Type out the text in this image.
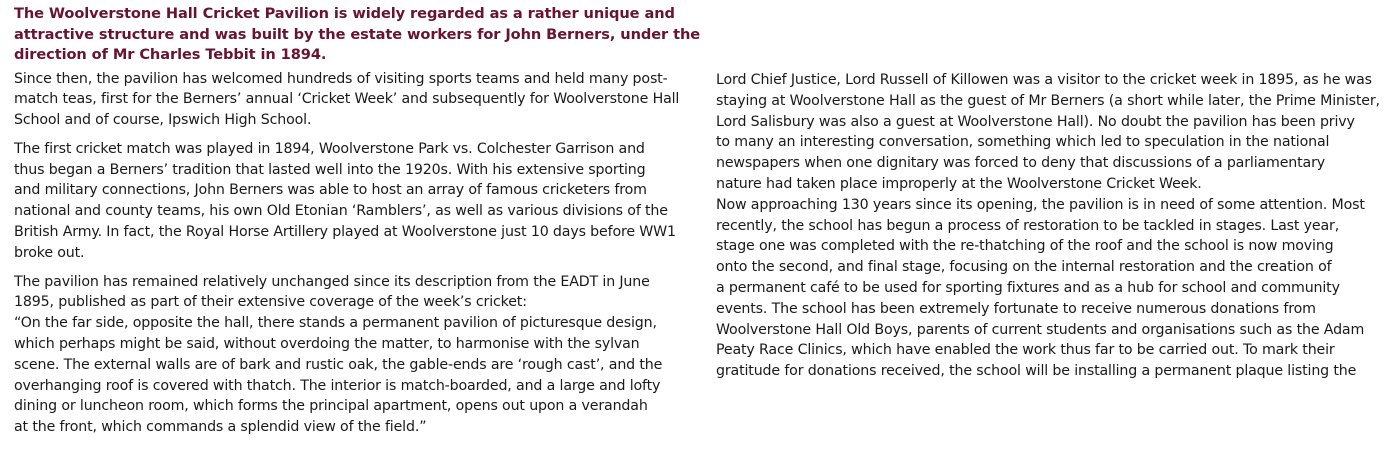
The Woolverstone Hall Cricket Pavilion is widely regarded as a rather unique and
attractive structure and was built by the estate workers for John Berners, under the
direction of Mr Charles Tebbit in 1894.
Since then, the pavilion has welcomed hundreds of visiting sports teams and held many post-
match teas, first for the Berners’ annual ‘Cricket Week’ and subsequently for Woolverstone Hall
School and of course, Ipswich High School.
The first cricket match was played in 1894, Woolverstone Park vs. Colchester Garrison and
thus began a Berners’ tradition that lasted well into the 1920s. With his extensive sporting
and military connections, John Berners was able to host an array of famous cricketers from
national and county teams, his own Old Etonian ‘Ramblers’, as well as various divisions of the
British Army. In fact, the Royal Horse Artillery played at Woolverstone just 10 days before WW1
broke out.
The pavilion has remained relatively unchanged since its description from the EADT in June
1895, published as part of their extensive coverage of the week’s cricket:
“On the far side, opposite the hall, there stands a permanent pavilion of picturesque design,
which perhaps might be said, without overdoing the matter, to harmonise with the sylvan
scene. The external walls are of bark and rustic oak, the gable-ends are ‘rough cast’, and the
overhanging roof is covered with thatch. The interior is match-boarded, and a large and lofty
dining or luncheon room, which forms the principal apartment, opens out upon a verandah
at the front, which commands a splendid view of the field.”
Lord Chief Justice, Lord Russell of Killowen was a visitor to the cricket week in 1895, as he was
staying at Woolverstone Hall as the guest of Mr Berners (a short while later, the Prime Minister,
Lord Salisbury was also a guest at Woolverstone Hall). No doubt the pavilion has been privy
to many an interesting conversation, something which led to speculation in the national
newspapers when one dignitary was forced to deny that discussions of a parliamentary
nature had taken place improperly at the Woolverstone Cricket Week.
Now approaching 130 years since its opening, the pavilion is in need of some attention. Most
recently, the school has begun a process of restoration to be tackled in stages. Last year,
stage one was completed with the re-thatching of the roof and the school is now moving
onto the second, and final stage, focusing on the internal restoration and the creation of
a permanent café to be used for sporting fixtures and as a hub for school and community
events. The school has been extremely fortunate to receive numerous donations from
Woolverstone Hall Old Boys, parents of current students and organisations such as the Adam
Peaty Race Clinics, which have enabled the work thus far to be carried out. To mark their
gratitude for donations received, the school will be installing a permanent plaque listing the
